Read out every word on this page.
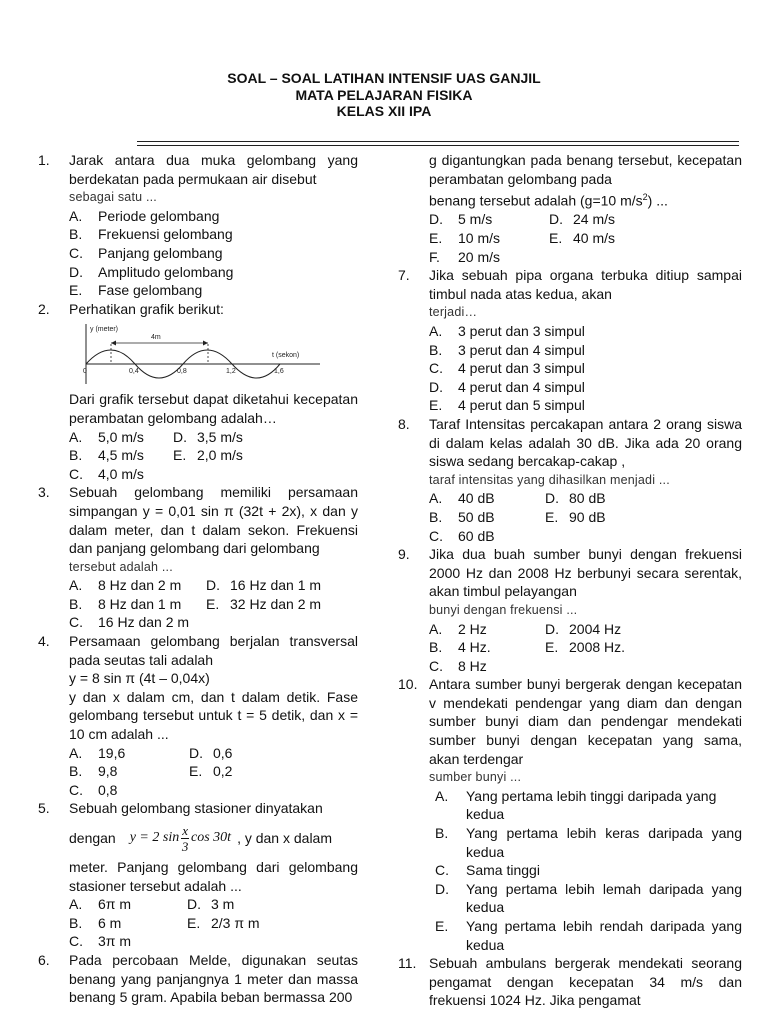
SOAL – SOAL LATIHAN INTENSIF UAS GANJIL
MATA PELAJARAN FISIKA
KELAS XII IPA
1. Jarak antara dua muka gelombang yang berdekatan pada permukaan air disebut
sebagai satu ...
A. Periode gelombang
B. Frekuensi gelombang
C. Panjang gelombang
D. Amplitudo gelombang
E. Fase gelombang
2. Perhatikan grafik berikut:
y (meter)
t (sekon)
4m
0	0,4	0,8	1,2	1,6
Dari grafik tersebut dapat diketahui kecepatan perambatan gelombang adalah…
A. 5,0 m/s	D. 3,5 m/s
B. 4,5 m/s	E. 2,0 m/s
C. 4,0 m/s
3. Sebuah gelombang memiliki persamaan simpangan y = 0,01 sin π (32t + 2x), x dan y dalam meter, dan t dalam sekon. Frekuensi dan panjang gelombang dari gelombang
tersebut adalah ...
A. 8 Hz dan 2 m	D. 16 Hz dan 1 m
B. 8 Hz dan 1 m	E. 32 Hz dan 2 m
C. 16 Hz dan 2 m
4. Persamaan gelombang berjalan transversal pada seutas tali adalah
y = 8 sin π (4t – 0,04x)
y dan x dalam cm, dan t dalam detik. Fase gelombang tersebut untuk t = 5 detik, dan x = 10 cm adalah ...
A. 19,6	D. 0,6
B. 9,8	E. 0,2
C. 0,8
5. Sebuah gelombang stasioner dinyatakan
dengan y = 2 $\sin \frac{x}{3}$ cos 30t , y dan x dalam
meter. Panjang gelombang dari gelombang stasioner tersebut adalah ...
A. 6π m	D. 3 m
B. 6 m	E. 2/3 π m
C. 3π m
6. Pada percobaan Melde, digunakan seutas benang yang panjangnya 1 meter dan massa benang 5 gram. Apabila beban bermassa 200
g digantungkan pada benang tersebut, kecepatan perambatan gelombang pada
benang tersebut adalah (g=10 $m/s^2$) ...
D. 5 m/s	D. 24 m/s
E. 10 m/s	E. 40 m/s
F. 20 m/s
7. Jika sebuah pipa organa terbuka ditiup sampai timbul nada atas kedua, akan
terjadi…
A. 3 perut dan 3 simpul
B. 3 perut dan 4 simpul
C. 4 perut dan 3 simpul
D. 4 perut dan 4 simpul
E. 4 perut dan 5 simpul
8. Taraf Intensitas percakapan antara 2 orang siswa di dalam kelas adalah 30 dB. Jika ada 20 orang siswa sedang bercakap-cakap ,
taraf intensitas yang dihasilkan menjadi ...
A. 40 dB	D. 80 dB
B. 50 dB	E. 90 dB
C. 60 dB
9. Jika dua buah sumber bunyi dengan frekuensi 2000 Hz dan 2008 Hz berbunyi secara serentak, akan timbul pelayangan
bunyi dengan frekuensi ...
A. 2 Hz	D. 2004 Hz
B. 4 Hz.	E. 2008 Hz.
C. 8 Hz
10. Antara sumber bunyi bergerak dengan kecepatan v mendekati pendengar yang diam dan dengan sumber bunyi diam dan pendengar mendekati sumber bunyi dengan kecepatan yang sama, akan terdengar
sumber bunyi ...
A. Yang pertama lebih tinggi daripada yang kedua
B. Yang pertama lebih keras daripada yang kedua
C. Sama tinggi
D. Yang pertama lebih lemah daripada yang kedua
E. Yang pertama lebih rendah daripada yang kedua
11. Sebuah ambulans bergerak mendekati seorang pengamat dengan kecepatan 34 m/s dan frekuensi 1024 Hz. Jika pengamat
